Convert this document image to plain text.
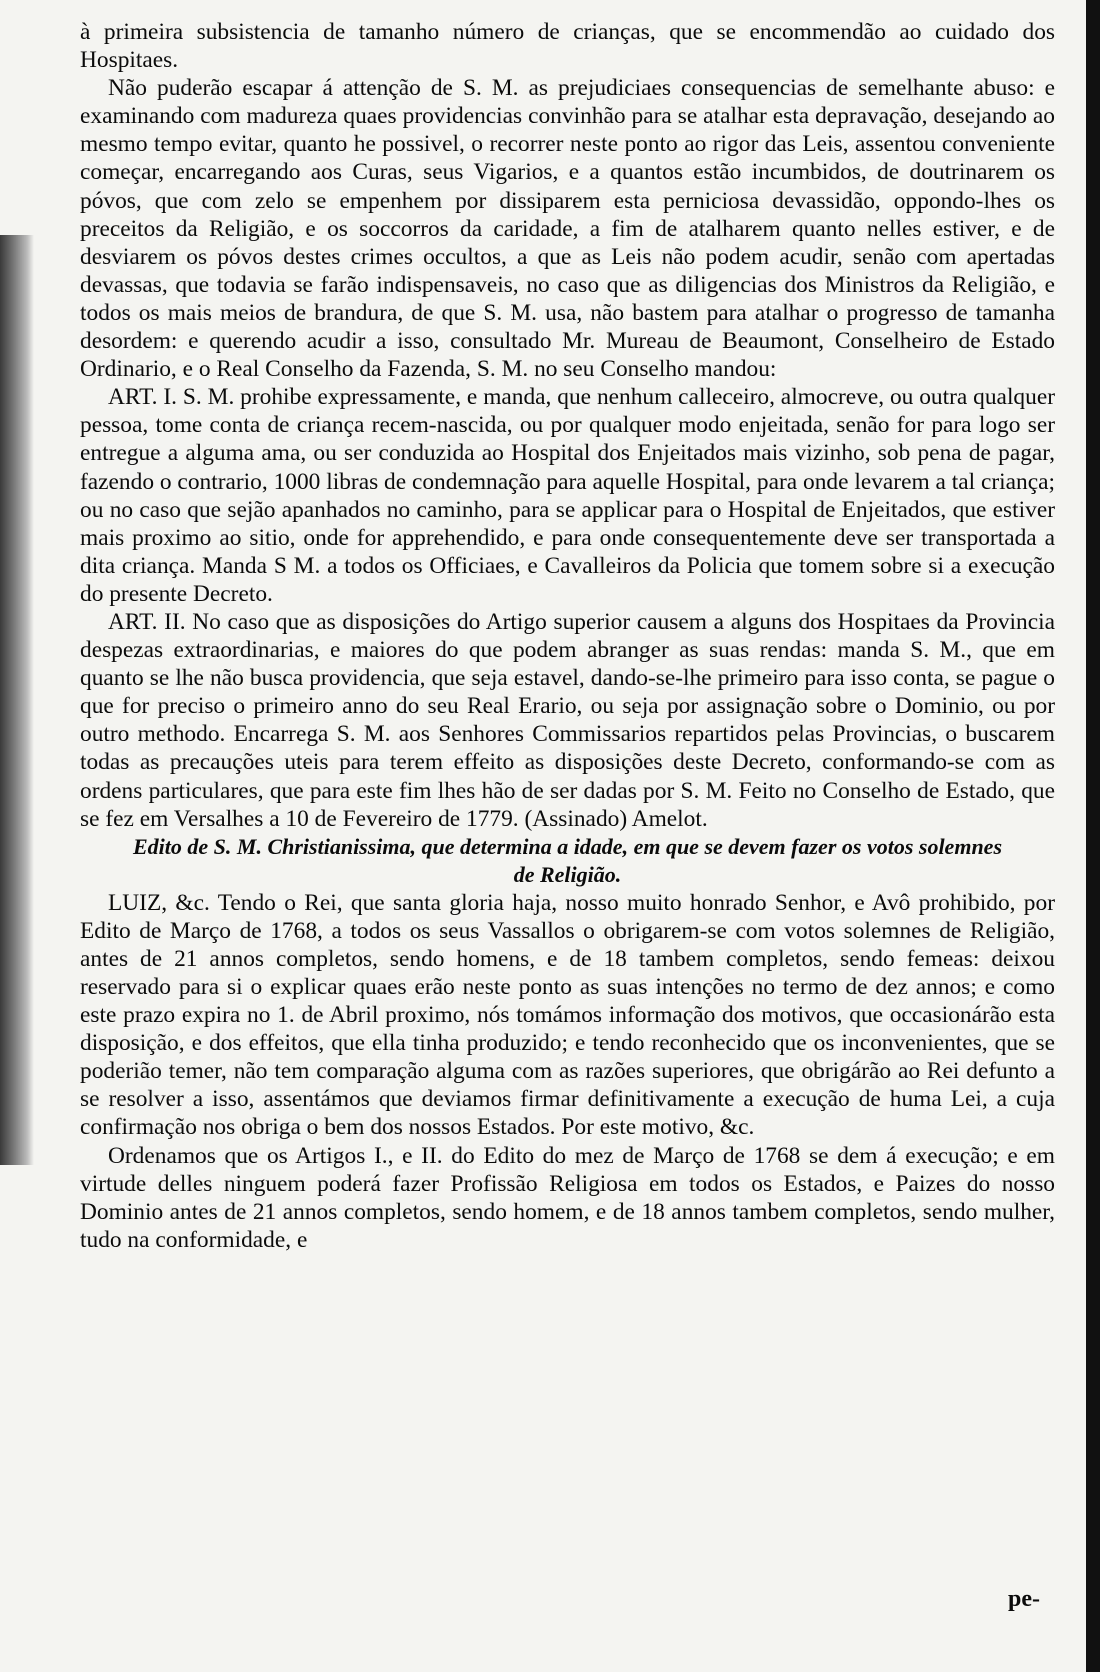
à primeira subsistencia de tamanho número de crianças, que se encommendão ao cuidado dos Hospitaes.

Não puderão escapar á attenção de S. M. as prejudiciaes consequencias de semelhante abuso: e examinando com madureza quaes providencias convinhão para se atalhar esta depravação, desejando ao mesmo tempo evitar, quanto he possivel, o recorrer neste ponto ao rigor das Leis, assentou conveniente começar, encarregando aos Curas, seus Vigarios, e a quantos estão incumbidos, de doutrinarem os póvos, que com zelo se empenhem por dissiparem esta perniciosa devassidão, oppondo-lhes os preceitos da Religião, e os soccorros da caridade, a fim de atalharem quanto nelles estiver, e de desviarem os póvos destes crimes occultos, a que as Leis não podem acudir, senão com apertadas devassas, que todavia se farão indispensaveis, no caso que as diligencias dos Ministros da Religião, e todos os mais meios de brandura, de que S. M. usa, não bastem para atalhar o progresso de tamanha desordem: e querendo acudir a isso, consultado Mr. Mureau de Beaumont, Conselheiro de Estado Ordinario, e o Real Conselho da Fazenda, S. M. no seu Conselho mandou:

ART. I. S. M. prohibe expressamente, e manda, que nenhum calleceiro, almocreve, ou outra qualquer pessoa, tome conta de criança recem-nascida, ou por qualquer modo enjeitada, senão for para logo ser entregue a alguma ama, ou ser conduzida ao Hospital dos Enjeitados mais vizinho, sob pena de pagar, fazendo o contrario, 1000 libras de condemnação para aquelle Hospital, para onde levarem a tal criança; ou no caso que sejão apanhados no caminho, para se applicar para o Hospital de Enjeitados, que estiver mais proximo ao sitio, onde for apprehendido, e para onde consequentemente deve ser transportada a dita criança. Manda S M. a todos os Officiaes, e Cavalleiros da Policia que tomem sobre si a execução do presente Decreto.

ART. II. No caso que as disposições do Artigo superior causem a alguns dos Hospitaes da Provincia despezas extraordinarias, e maiores do que podem abranger as suas rendas: manda S. M., que em quanto se lhe não busca providencia, que seja estavel, dando-se-lhe primeiro para isso conta, se pague o que for preciso o primeiro anno do seu Real Erario, ou seja por assignação sobre o Dominio, ou por outro methodo. Encarrega S. M. aos Senhores Commissarios repartidos pelas Provincias, o buscarem todas as precauções uteis para terem effeito as disposições deste Decreto, conformando-se com as ordens particulares, que para este fim lhes hão de ser dadas por S. M. Feito no Conselho de Estado, que se fez em Versalhes a 10 de Fevereiro de 1779. (Assinado) Amelot.

Edito de S. M. Christianissima, que determina a idade, em que se devem fazer os votos solemnes de Religião.

LUIZ, &c. Tendo o Rei, que santa gloria haja, nosso muito honrado Senhor, e Avô prohibido, por Edito de Março de 1768, a todos os seus Vassallos o obrigarem-se com votos solemnes de Religião, antes de 21 annos completos, sendo homens, e de 18 tambem completos, sendo femeas: deixou reservado para si o explicar quaes erão neste ponto as suas intenções no termo de dez annos; e como este prazo expira no 1. de Abril proximo, nós tomámos informação dos motivos, que occasionárão esta disposição, e dos effeitos, que ella tinha produzido; e tendo reconhecido que os inconvenientes, que se poderião temer, não tem comparação alguma com as razões superiores, que obrigárão ao Rei defunto a se resolver a isso, assentámos que deviamos firmar definitivamente a execução de huma Lei, a cuja confirmação nos obriga o bem dos nossos Estados. Por este motivo, &c.

Ordenamos que os Artigos I., e II. do Edito do mez de Março de 1768 se dem á execução; e em virtude delles ninguem poderá fazer Profissão Religiosa em todos os Estados, e Paizes do nosso Dominio antes de 21 annos completos, sendo homem, e de 18 annos tambem completos, sendo mulher, tudo na conformidade, e

pe-
